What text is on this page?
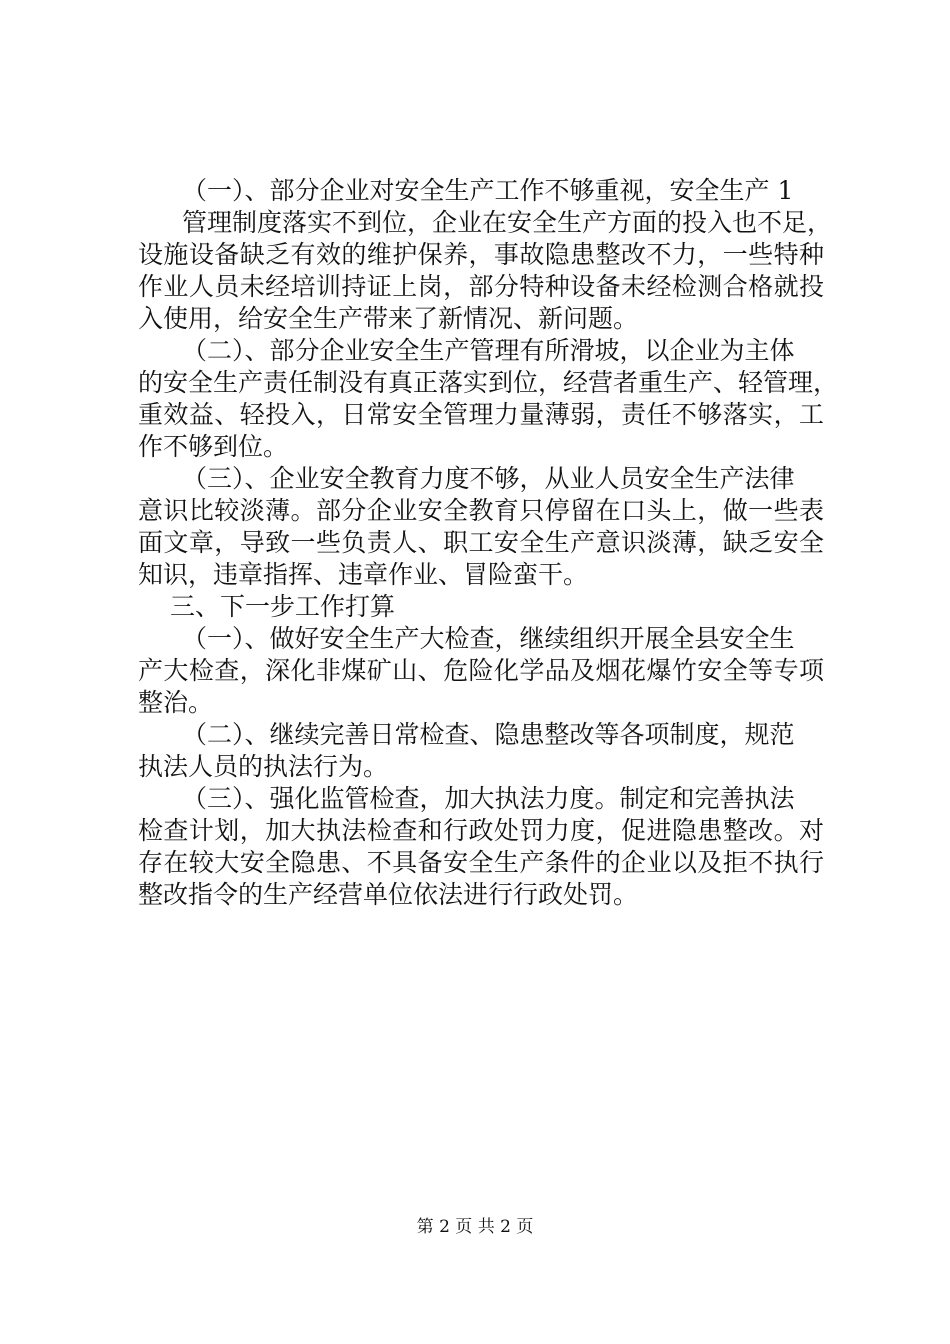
（一）、部分企业对安全生产工作不够重视，安全生产 1
管理制度落实不到位，企业在安全生产方面的投入也不足，
设施设备缺乏有效的维护保养，事故隐患整改不力，一些特种
作业人员未经培训持证上岗，部分特种设备未经检测合格就投
入使用，给安全生产带来了新情况、新问题。
（二）、部分企业安全生产管理有所滑坡，以企业为主体
的安全生产责任制没有真正落实到位，经营者重生产、轻管理，
重效益、轻投入，日常安全管理力量薄弱，责任不够落实，工
作不够到位。
（三）、企业安全教育力度不够，从业人员安全生产法律
意识比较淡薄。部分企业安全教育只停留在口头上，做一些表
面文章，导致一些负责人、职工安全生产意识淡薄，缺乏安全
知识，违章指挥、违章作业、冒险蛮干。
三、下一步工作打算
（一）、做好安全生产大检查，继续组织开展全县安全生
产大检查，深化非煤矿山、危险化学品及烟花爆竹安全等专项
整治。
（二）、继续完善日常检查、隐患整改等各项制度，规范
执法人员的执法行为。
（三）、强化监管检查，加大执法力度。制定和完善执法
检查计划，加大执法检查和行政处罚力度，促进隐患整改。对
存在较大安全隐患、不具备安全生产条件的企业以及拒不执行
整改指令的生产经营单位依法进行行政处罚。
第 2 页 共 2 页
